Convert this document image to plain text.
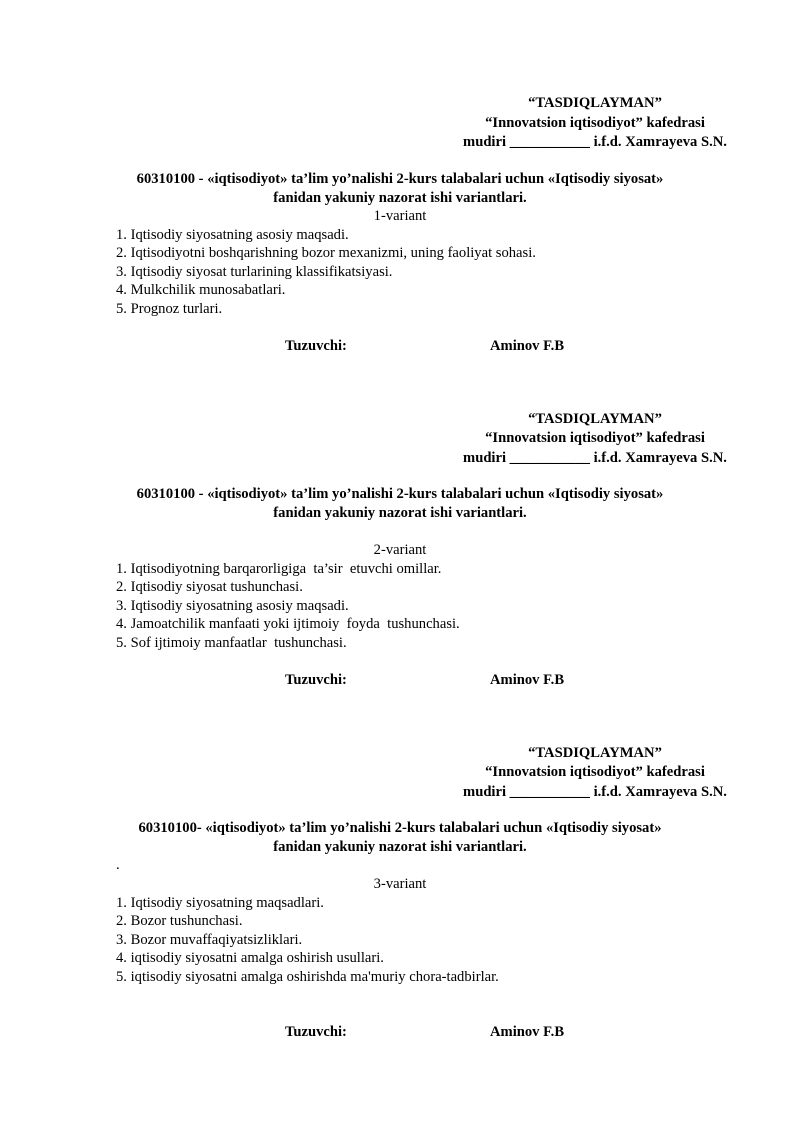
“TASDIQLAYMAN”
“Innovatsion iqtisodiyot” kafedrasi
mudiri ___________ i.f.d. Xamrayeva S.N.
60310100 - «iqtisodiyot» ta’lim yo’nalishi 2-kurs talabalari uchun «Iqtisodiy siyosat»
fanidan yakuniy nazorat ishi variantlari.
1-variant
1. Iqtisodiy siyosatning asosiy maqsadi.
2. Iqtisodiyotni boshqarishning bozor mexanizmi, uning faoliyat sohasi.
3. Iqtisodiy siyosat turlarining klassifikatsiyasi.
4. Mulkchilik munosabatlari.
5. Prognoz turlari.
Tuzuvchi:	Aminov F.B
“TASDIQLAYMAN”
“Innovatsion iqtisodiyot” kafedrasi
mudiri ___________ i.f.d. Xamrayeva S.N.
60310100 - «iqtisodiyot» ta’lim yo’nalishi 2-kurs talabalari uchun «Iqtisodiy siyosat»
fanidan yakuniy nazorat ishi variantlari.
2-variant
1. Iqtisodiyotning barqarorligiga  ta’sir  etuvchi omillar.
2. Iqtisodiy siyosat tushunchasi.
3. Iqtisodiy siyosatning asosiy maqsadi.
4. Jamoatchilik manfaati yoki ijtimoiy  foyda  tushunchasi.
5. Sof ijtimoiy manfaatlar  tushunchasi.
Tuzuvchi:	Aminov F.B
“TASDIQLAYMAN”
“Innovatsion iqtisodiyot” kafedrasi
mudiri ___________ i.f.d. Xamrayeva S.N.
60310100- «iqtisodiyot» ta’lim yo’nalishi 2-kurs talabalari uchun «Iqtisodiy siyosat»
fanidan yakuniy nazorat ishi variantlari.
.
3-variant
1. Iqtisodiy siyosatning maqsadlari.
2. Bozor tushunchasi.
3. Bozor muvaffaqiyatsizliklari.
4. iqtisodiy siyosatni amalga oshirish usullari.
5. iqtisodiy siyosatni amalga oshirishda ma'muriy chora-tadbirlar.
Tuzuvchi:	Aminov F.B
